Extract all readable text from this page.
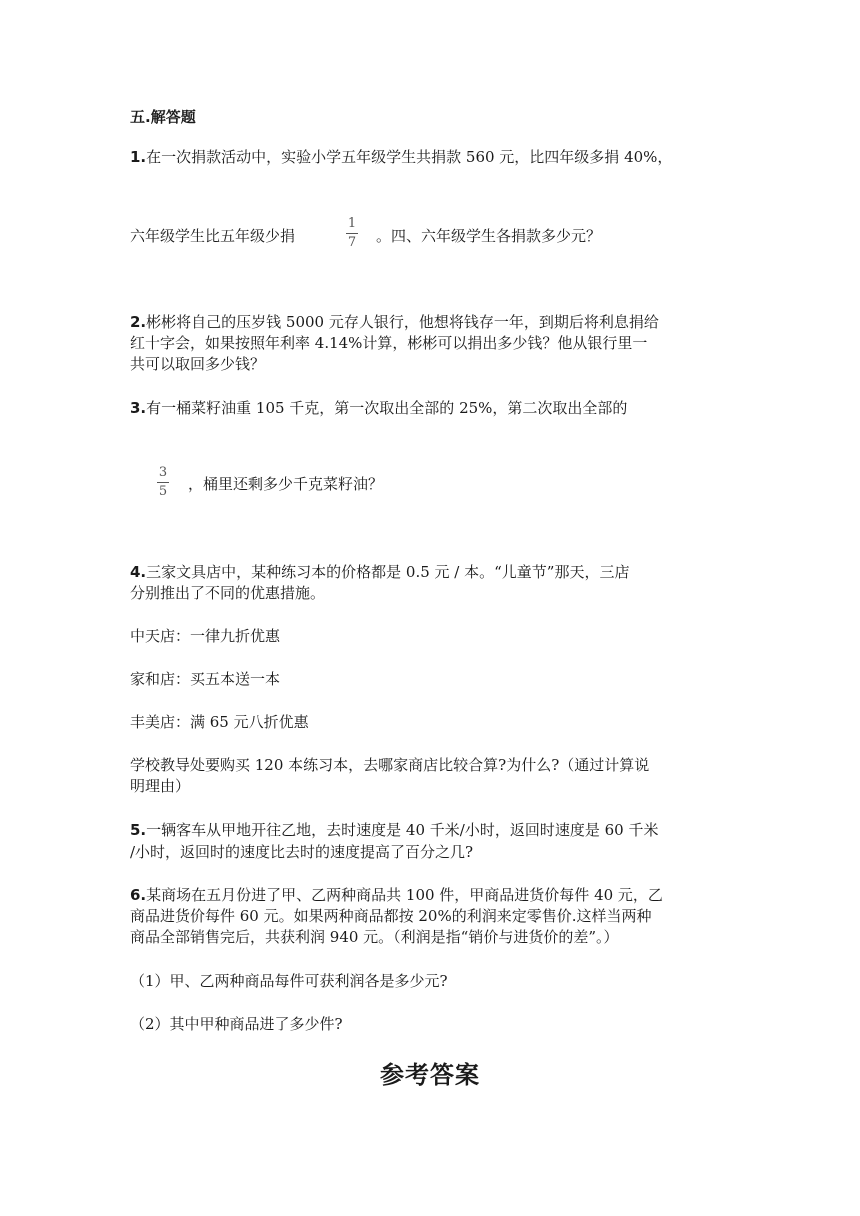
五.解答题
1.在一次捐款活动中，实验小学五年级学生共捐款 560 元，比四年级多捐 40%，
六年级学生比五年级少捐
1
7 。四、六年级学生各捐款多少元？
2.彬彬将自己的压岁钱 5000 元存人银行，他想将钱存一年，到期后将利息捐给
红十字会，如果按照年利率 4.14%计算，彬彬可以捐出多少钱？他从银行里一
共可以取回多少钱？
3.有一桶菜籽油重 105 千克，第一次取出全部的 25%，第二次取出全部的
3
5 ，桶里还剩多少千克菜籽油？
4.三家文具店中，某种练习本的价格都是 0.5 元 / 本。“儿童节”那天，三店
分别推出了不同的优惠措施。
中天店：一律九折优惠
家和店：买五本送一本
丰美店：满 65 元八折优惠
学校教导处要购买 120 本练习本，去哪家商店比较合算?为什么?（通过计算说
明理由）
5.一辆客车从甲地开往乙地，去时速度是 40 千米/小时，返回时速度是 60 千米
/小时，返回时的速度比去时的速度提高了百分之几?
6.某商场在五月份进了甲、乙两种商品共 100 件，甲商品进货价每件 40 元，乙
商品进货价每件 60 元。如果两种商品都按 20%的利润来定零售价.这样当两种
商品全部销售完后，共获利润 940 元。（利润是指“销价与进货价的差”。）
（1）甲、乙两种商品每件可获利润各是多少元?
（2）其中甲种商品进了多少件?
参考答案
